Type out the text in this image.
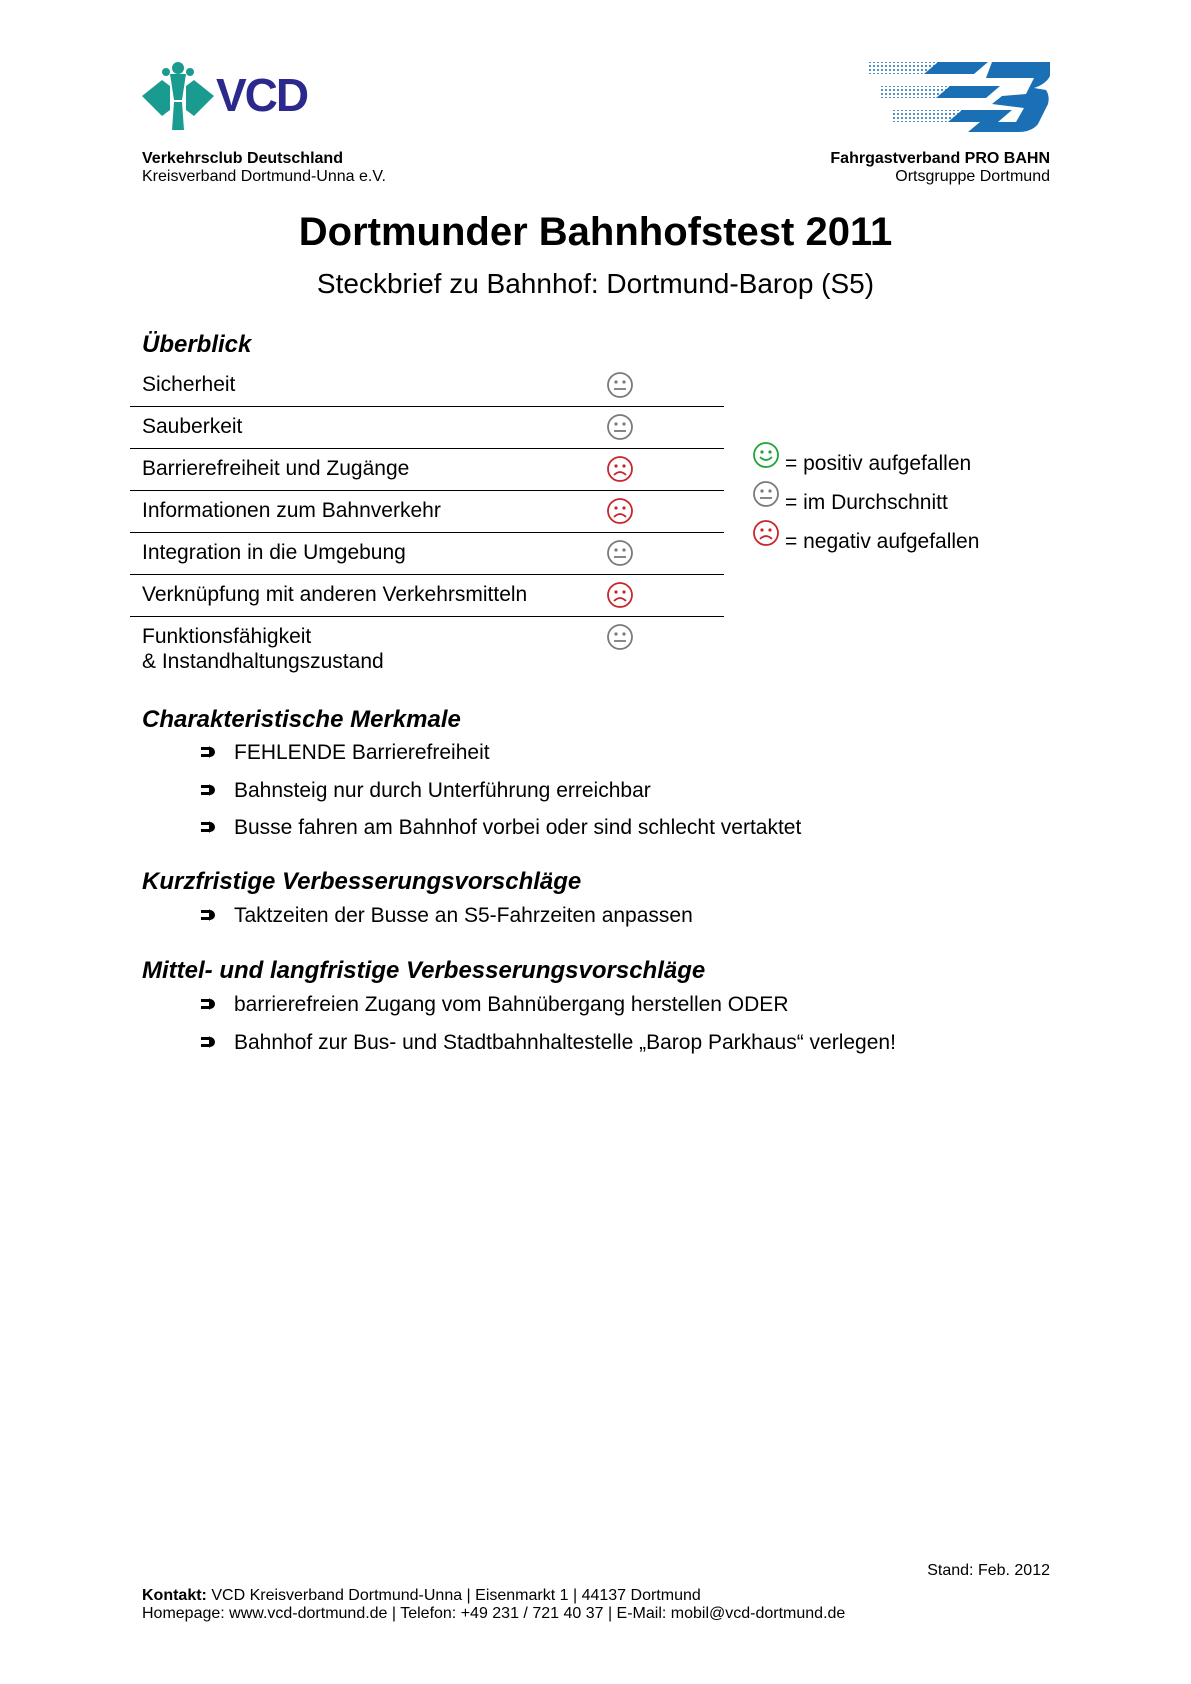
VCD
Verkehrsclub Deutschland
Kreisverband Dortmund-Unna e.V.
Fahrgastverband PRO BAHN
Ortsgruppe Dortmund
Dortmunder Bahnhofstest 2011
Steckbrief zu Bahnhof: Dortmund-Barop (S5)
Überblick
Sicherheit
Sauberkeit
Barrierefreiheit und Zugänge
Informationen zum Bahnverkehr
Integration in die Umgebung
Verknüpfung mit anderen Verkehrsmitteln
Funktionsfähigkeit
& Instandhaltungszustand
= positiv aufgefallen
= im Durchschnitt
= negativ aufgefallen
Charakteristische Merkmale
FEHLENDE Barrierefreiheit
Bahnsteig nur durch Unterführung erreichbar
Busse fahren am Bahnhof vorbei oder sind schlecht vertaktet
Kurzfristige Verbesserungsvorschläge
Taktzeiten der Busse an S5-Fahrzeiten anpassen
Mittel- und langfristige Verbesserungsvorschläge
barrierefreien Zugang vom Bahnübergang herstellen ODER
Bahnhof zur Bus- und Stadtbahnhaltestelle „Barop Parkhaus“ verlegen!
Stand: Feb. 2012
Kontakt: VCD Kreisverband Dortmund-Unna | Eisenmarkt 1 | 44137 Dortmund
Homepage: www.vcd-dortmund.de | Telefon: +49 231 / 721 40 37 | E-Mail: mobil@vcd-dortmund.de
